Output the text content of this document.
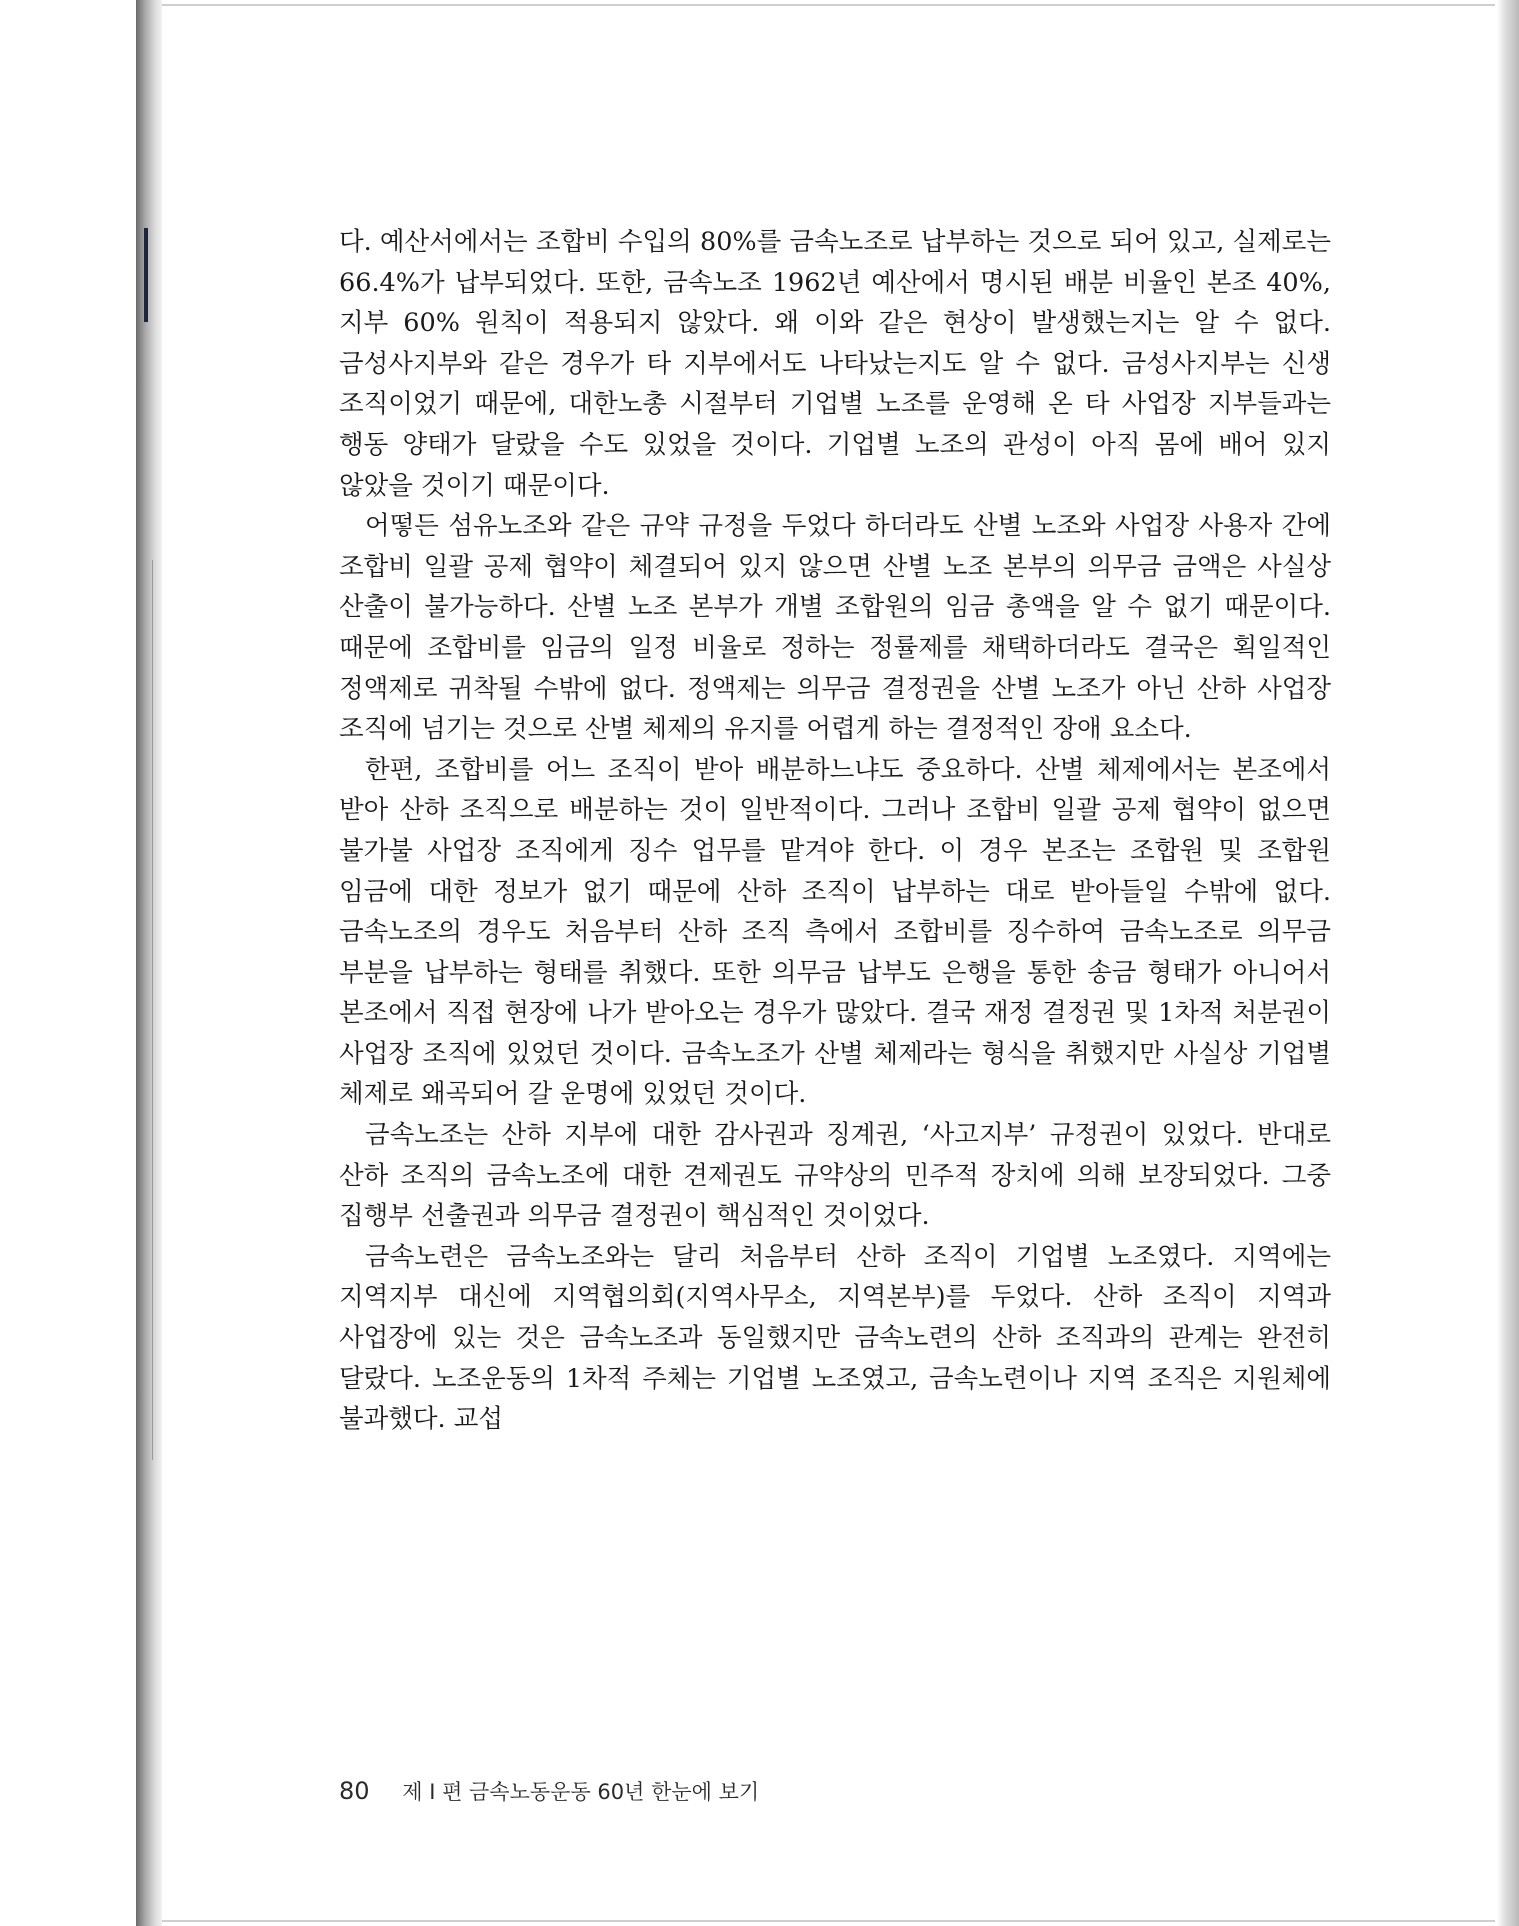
다. 예산서에서는 조합비 수입의 80%를 금속노조로 납부하는 것으로 되어 있고, 실제로는 66.4%가 납부되었다. 또한, 금속노조 1962년 예산에서 명시된 배분 비율인 본조 40%, 지부 60% 원칙이 적용되지 않았다. 왜 이와 같은 현상이 발생했는지는 알 수 없다. 금성사지부와 같은 경우가 타 지부에서도 나타났는지도 알 수 없다. 금성사지부는 신생 조직이었기 때문에, 대한노총 시절부터 기업별 노조를 운영해 온 타 사업장 지부들과는 행동 양태가 달랐을 수도 있었을 것이다. 기업별 노조의 관성이 아직 몸에 배어 있지 않았을 것이기 때문이다.

어떻든 섬유노조와 같은 규약 규정을 두었다 하더라도 산별 노조와 사업장 사용자 간에 조합비 일괄 공제 협약이 체결되어 있지 않으면 산별 노조 본부의 의무금 금액은 사실상 산출이 불가능하다. 산별 노조 본부가 개별 조합원의 임금 총액을 알 수 없기 때문이다. 때문에 조합비를 임금의 일정 비율로 정하는 정률제를 채택하더라도 결국은 획일적인 정액제로 귀착될 수밖에 없다. 정액제는 의무금 결정권을 산별 노조가 아닌 산하 사업장 조직에 넘기는 것으로 산별 체제의 유지를 어렵게 하는 결정적인 장애 요소다.

한편, 조합비를 어느 조직이 받아 배분하느냐도 중요하다. 산별 체제에서는 본조에서 받아 산하 조직으로 배분하는 것이 일반적이다. 그러나 조합비 일괄 공제 협약이 없으면 불가불 사업장 조직에게 징수 업무를 맡겨야 한다. 이 경우 본조는 조합원 및 조합원 임금에 대한 정보가 없기 때문에 산하 조직이 납부하는 대로 받아들일 수밖에 없다. 금속노조의 경우도 처음부터 산하 조직 측에서 조합비를 징수하여 금속노조로 의무금 부분을 납부하는 형태를 취했다. 또한 의무금 납부도 은행을 통한 송금 형태가 아니어서 본조에서 직접 현장에 나가 받아오는 경우가 많았다. 결국 재정 결정권 및 1차적 처분권이 사업장 조직에 있었던 것이다. 금속노조가 산별 체제라는 형식을 취했지만 사실상 기업별 체제로 왜곡되어 갈 운명에 있었던 것이다.

금속노조는 산하 지부에 대한 감사권과 징계권, ‘사고지부’ 규정권이 있었다. 반대로 산하 조직의 금속노조에 대한 견제권도 규약상의 민주적 장치에 의해 보장되었다. 그중 집행부 선출권과 의무금 결정권이 핵심적인 것이었다.

금속노련은 금속노조와는 달리 처음부터 산하 조직이 기업별 노조였다. 지역에는 지역지부 대신에 지역협의회(지역사무소, 지역본부)를 두었다. 산하 조직이 지역과 사업장에 있는 것은 금속노조과 동일했지만 금속노련의 산하 조직과의 관계는 완전히 달랐다. 노조운동의 1차적 주체는 기업별 노조였고, 금속노련이나 지역 조직은 지원체에 불과했다. 교섭

80 제 I 편 금속노동운동 60년 한눈에 보기
